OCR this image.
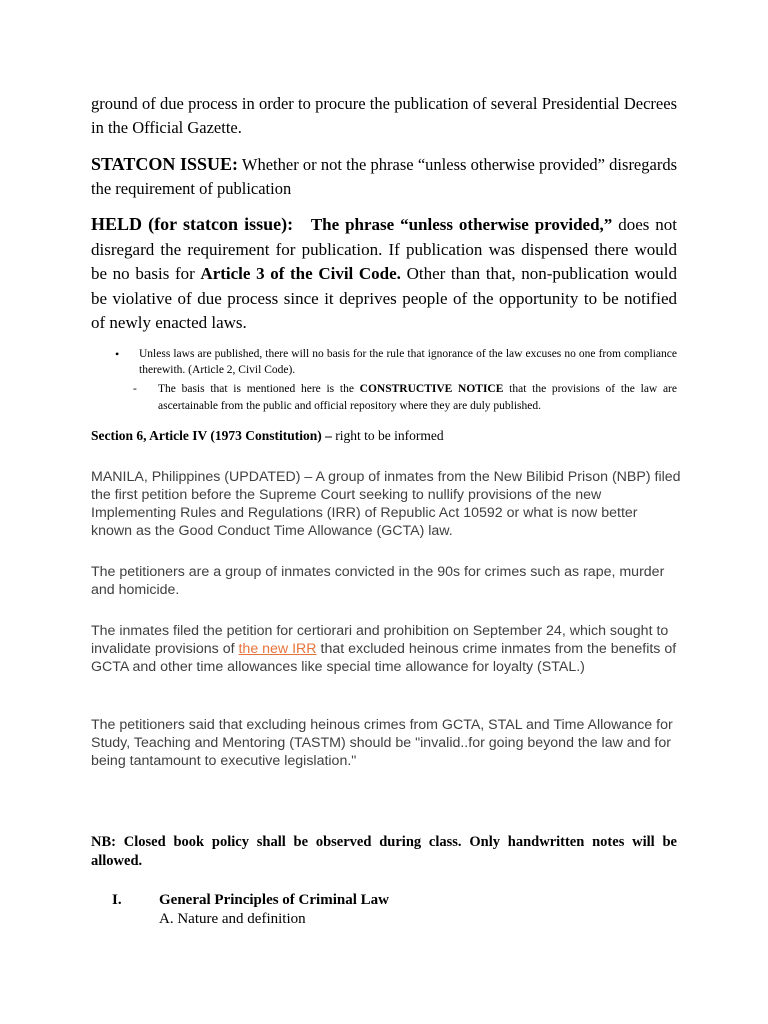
ground of due process in order to procure the publication of several Presidential Decrees in the Official Gazette.
STATCON ISSUE: Whether or not the phrase “unless otherwise provided” disregards the requirement of publication
HELD (for statcon issue): The phrase “unless otherwise provided,” does not disregard the requirement for publication. If publication was dispensed there would be no basis for Article 3 of the Civil Code. Other than that, non-publication would be violative of due process since it deprives people of the opportunity to be notified of newly enacted laws.
• Unless laws are published, there will no basis for the rule that ignorance of the law excuses no one from compliance therewith. (Article 2, Civil Code).
- The basis that is mentioned here is the CONSTRUCTIVE NOTICE that the provisions of the law are ascertainable from the public and official repository where they are duly published.
Section 6, Article IV (1973 Constitution) – right to be informed
MANILA, Philippines (UPDATED) – A group of inmates from the New Bilibid Prison (NBP) filed the first petition before the Supreme Court seeking to nullify provisions of the new Implementing Rules and Regulations (IRR) of Republic Act 10592 or what is now better known as the Good Conduct Time Allowance (GCTA) law.
The petitioners are a group of inmates convicted in the 90s for crimes such as rape, murder and homicide.
The inmates filed the petition for certiorari and prohibition on September 24, which sought to invalidate provisions of the new IRR that excluded heinous crime inmates from the benefits of GCTA and other time allowances like special time allowance for loyalty (STAL.)
The petitioners said that excluding heinous crimes from GCTA, STAL and Time Allowance for Study, Teaching and Mentoring (TASTM) should be "invalid..for going beyond the law and for being tantamount to executive legislation."
NB: Closed book policy shall be observed during class. Only handwritten notes will be allowed.
I. General Principles of Criminal Law
A. Nature and definition
